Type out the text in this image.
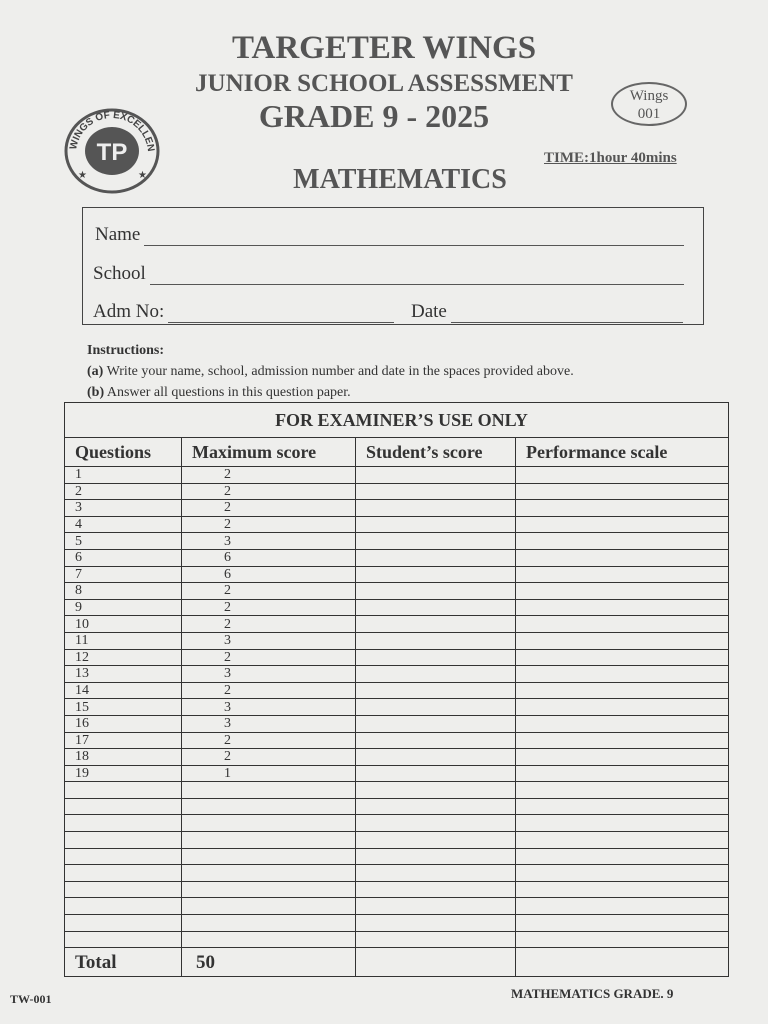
TARGETER WINGS
JUNIOR SCHOOL ASSESSMENT
GRADE 9 - 2025
WINGS OF EXCELLEN
TP
★	★
Wings
001
TIME:1hour 40mins
MATHEMATICS
Name
School
Adm No:	Date
Instructions:
(a) Write your name, school, admission number and date in the spaces provided above.
(b) Answer all questions in this question paper.
FOR EXAMINER’S USE ONLY			
Questions	Maximum score	Student’s score	Performance scale
1	2		
2	2		
3	2		
4	2		
5	3		
6	6		
7	6		
8	2		
9	2		
10	2		
11	3		
12	2		
13	3		
14	2		
15	3		
16	3		
17	2		
18	2		
19	1		

Total	50		
TW-001	MATHEMATICS GRADE. 9
